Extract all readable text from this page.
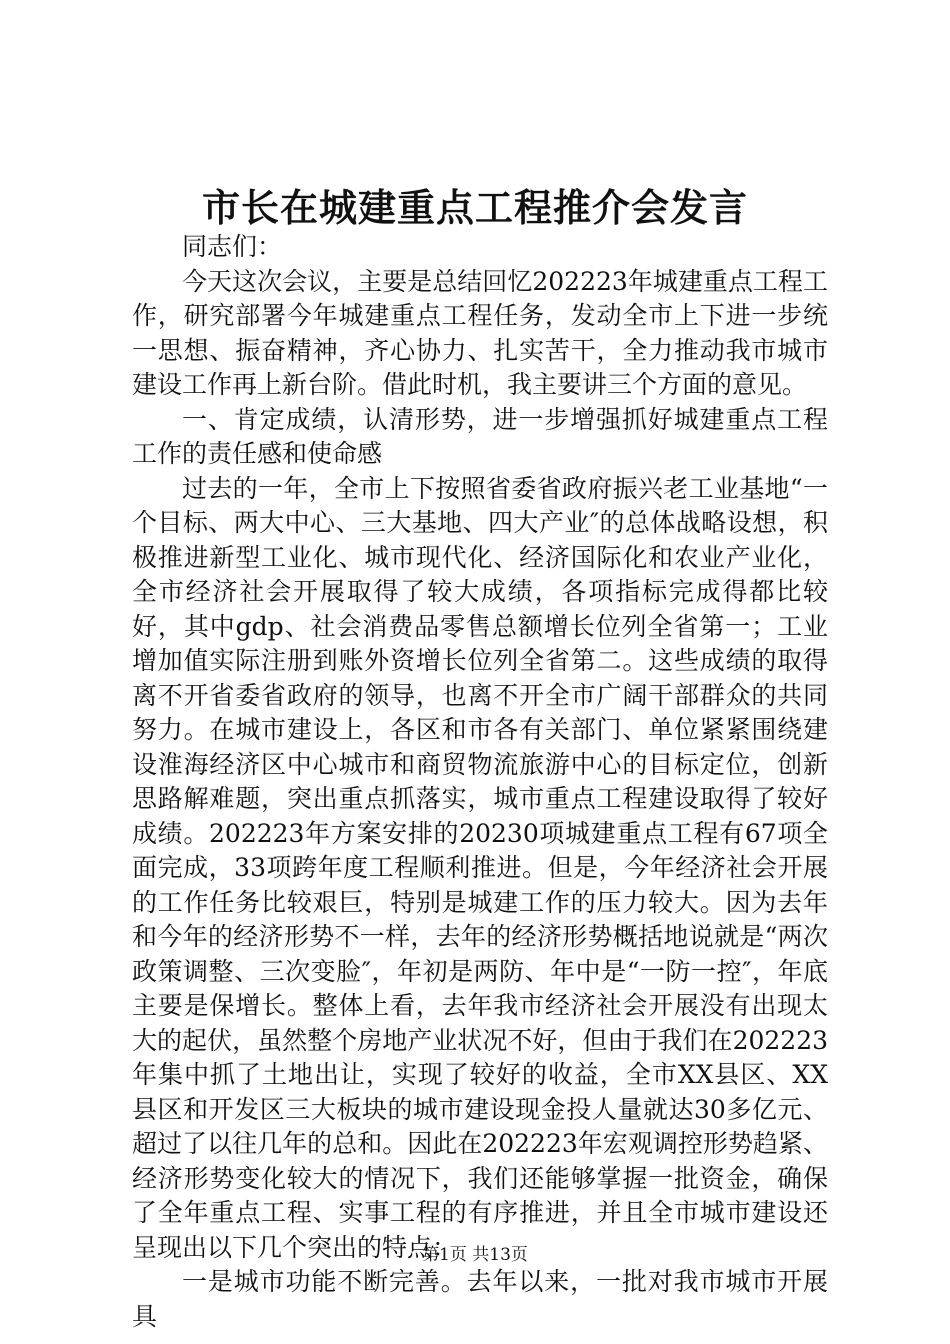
市长在城建重点工程推介会发言

同志们：

今天这次会议，主要是总结回忆202223年城建重点工程工作，研究部署今年城建重点工程任务，发动全市上下进一步统一思想、振奋精神，齐心协力、扎实苦干，全力推动我市城市建设工作再上新台阶。借此时机，我主要讲三个方面的意见。

一、肯定成绩，认清形势，进一步增强抓好城建重点工程工作的责任感和使命感

过去的一年，全市上下按照省委省政府振兴老工业基地“一个目标、两大中心、三大基地、四大产业″的总体战略设想，积极推进新型工业化、城市现代化、经济国际化和农业产业化，全市经济社会开展取得了较大成绩，各项指标完成得都比较好，其中gdp、社会消费品零售总额增长位列全省第一；工业增加值实际注册到账外资增长位列全省第二。这些成绩的取得离不开省委省政府的领导，也离不开全市广阔干部群众的共同努力。在城市建设上，各区和市各有关部门、单位紧紧围绕建设淮海经济区中心城市和商贸物流旅游中心的目标定位，创新思路解难题，突出重点抓落实，城市重点工程建设取得了较好成绩。202223年方案安排的20230项城建重点工程有67项全面完成，33项跨年度工程顺利推进。但是，今年经济社会开展的工作任务比较艰巨，特别是城建工作的压力较大。因为去年和今年的经济形势不一样，去年的经济形势概括地说就是“两次政策调整、三次变脸″，年初是两防、年中是“一防一控″，年底主要是保增长。整体上看，去年我市经济社会开展没有出现太大的起伏，虽然整个房地产业状况不好，但由于我们在202223年集中抓了土地出让，实现了较好的收益，全市XX县区、XX县区和开发区三大板块的城市建设现金投人量就达30多亿元、超过了以往几年的总和。因此在202223年宏观调控形势趋紧、经济形势变化较大的情况下，我们还能够掌握一批资金，确保了全年重点工程、实事工程的有序推进，并且全市城市建设还呈现出以下几个突出的特点：

一是城市功能不断完善。去年以来，一批对我市城市开展具

第1页 共13页
